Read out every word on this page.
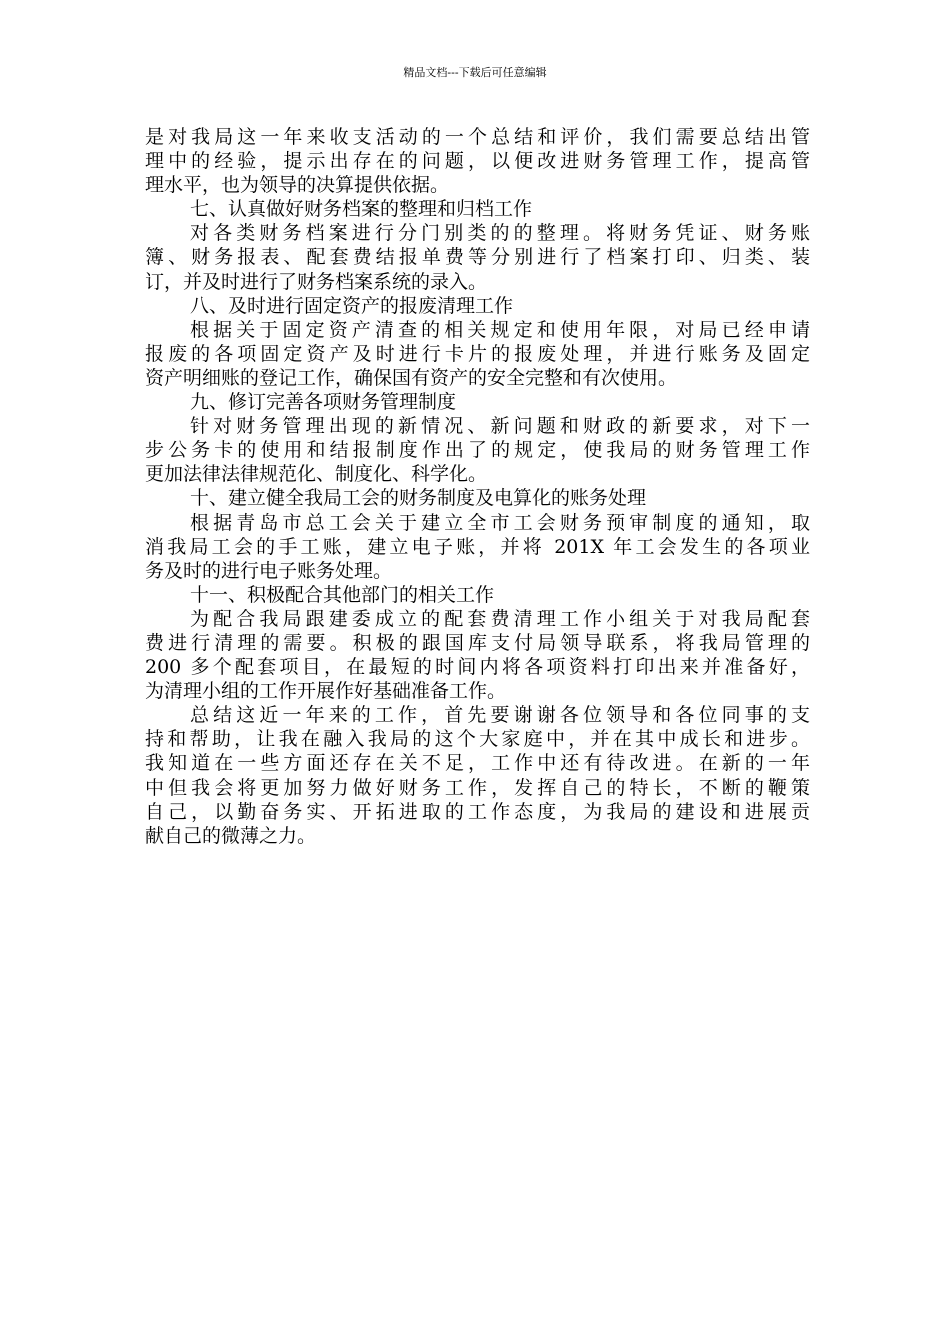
精品文档---下载后可任意编辑
是对我局这一年来收支活动的一个总结和评价，我们需要总结出管
理中的经验，提示出存在的问题，以便改进财务管理工作，提高管
理水平，也为领导的决算提供依据。
七、认真做好财务档案的整理和归档工作
对各类财务档案进行分门别类的的整理。将财务凭证、财务账
簿、财务报表、配套费结报单费等分别进行了档案打印、归类、装
订，并及时进行了财务档案系统的录入。
八、及时进行固定资产的报废清理工作
根据关于固定资产清查的相关规定和使用年限，对局已经申请
报废的各项固定资产及时进行卡片的报废处理，并进行账务及固定
资产明细账的登记工作，确保国有资产的安全完整和有次使用。
九、修订完善各项财务管理制度
针对财务管理出现的新情况、新问题和财政的新要求，对下一
步公务卡的使用和结报制度作出了的规定，使我局的财务管理工作
更加法律法律规范化、制度化、科学化。
十、建立健全我局工会的财务制度及电算化的账务处理
根据青岛市总工会关于建立全市工会财务预审制度的通知，取
消我局工会的手工账，建立电子账，并将 201X 年工会发生的各项业
务及时的进行电子账务处理。
十一、积极配合其他部门的相关工作
为配合我局跟建委成立的配套费清理工作小组关于对我局配套
费进行清理的需要。积极的跟国库支付局领导联系，将我局管理的
200 多个配套项目，在最短的时间内将各项资料打印出来并准备好，
为清理小组的工作开展作好基础准备工作。
总结这近一年来的工作，首先要谢谢各位领导和各位同事的支
持和帮助，让我在融入我局的这个大家庭中，并在其中成长和进步。
我知道在一些方面还存在关不足，工作中还有待改进。在新的一年
中但我会将更加努力做好财务工作，发挥自己的特长，不断的鞭策
自己，以勤奋务实、开拓进取的工作态度，为我局的建设和进展贡
献自己的微薄之力。
